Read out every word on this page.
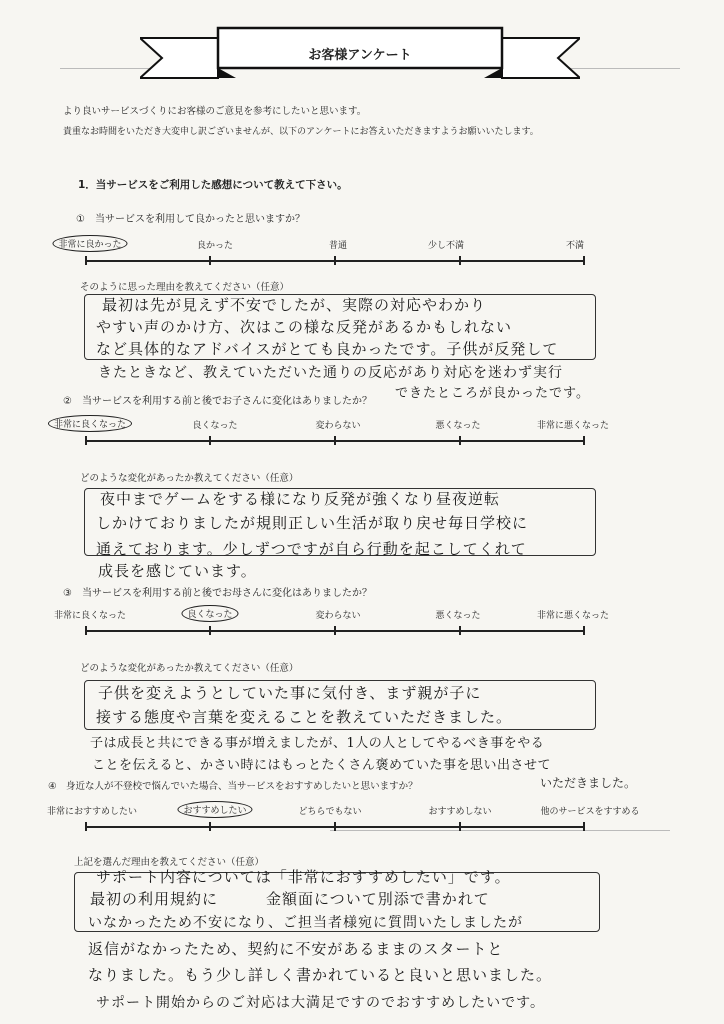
お客様アンケート
より良いサービスづくりにお客様のご意見を参考にしたいと思います。
貴重なお時間をいただき大変申し訳ございませんが、以下のアンケートにお答えいただきますようお願いいたします。
1．当サービスをご利用した感想について教えて下さい。
①　当サービスを利用して良かったと思いますか？
非常に良かった	良かった	普通	少し不満	不満
そのように思った理由を教えてください（任意）
最初は先が見えず不安でしたが、実際の対応やわかり
やすい声のかけ方、次はこの様な反発があるかもしれない
など具体的なアドバイスがとても良かったです。子供が反発して
きたときなど、教えていただいた通りの反応があり対応を迷わず実行
できたところが良かったです。
②　当サービスを利用する前と後でお子さんに変化はありましたか？
非常に良くなった	良くなった	変わらない	悪くなった	非常に悪くなった
どのような変化があったか教えてください（任意）
夜中までゲームをする様になり反発が強くなり昼夜逆転
しかけておりましたが規則正しい生活が取り戻せ毎日学校に
通えております。少しずつですが自ら行動を起こしてくれて
成長を感じています。
③　当サービスを利用する前と後でお母さんに変化はありましたか？
非常に良くなった	良くなった	変わらない	悪くなった	非常に悪くなった
どのような変化があったか教えてください（任意）
子供を変えようとしていた事に気付き、まず親が子に
接する態度や言葉を変えることを教えていただきました。
子は成長と共にできる事が増えましたが、1人の人としてやるべき事をやる
ことを伝えると、かさい時にはもっとたくさん褒めていた事を思い出させて
いただきました。
④　身近な人が不登校で悩んでいた場合、当サービスをおすすめしたいと思いますか？
非常におすすめしたい	おすすめしたい	どちらでもない	おすすめしない	他のサービスをすすめる
上記を選んだ理由を教えてください（任意）
サポート内容については「非常におすすめしたい」です。
最初の利用規約に　　　金額面について別添で書かれて
いなかったため不安になり、ご担当者様宛に質問いたしましたが
返信がなかったため、契約に不安があるままのスタートと
なりました。もう少し詳しく書かれていると良いと思いました。
サポート開始からのご対応は大満足ですのでおすすめしたいです。
